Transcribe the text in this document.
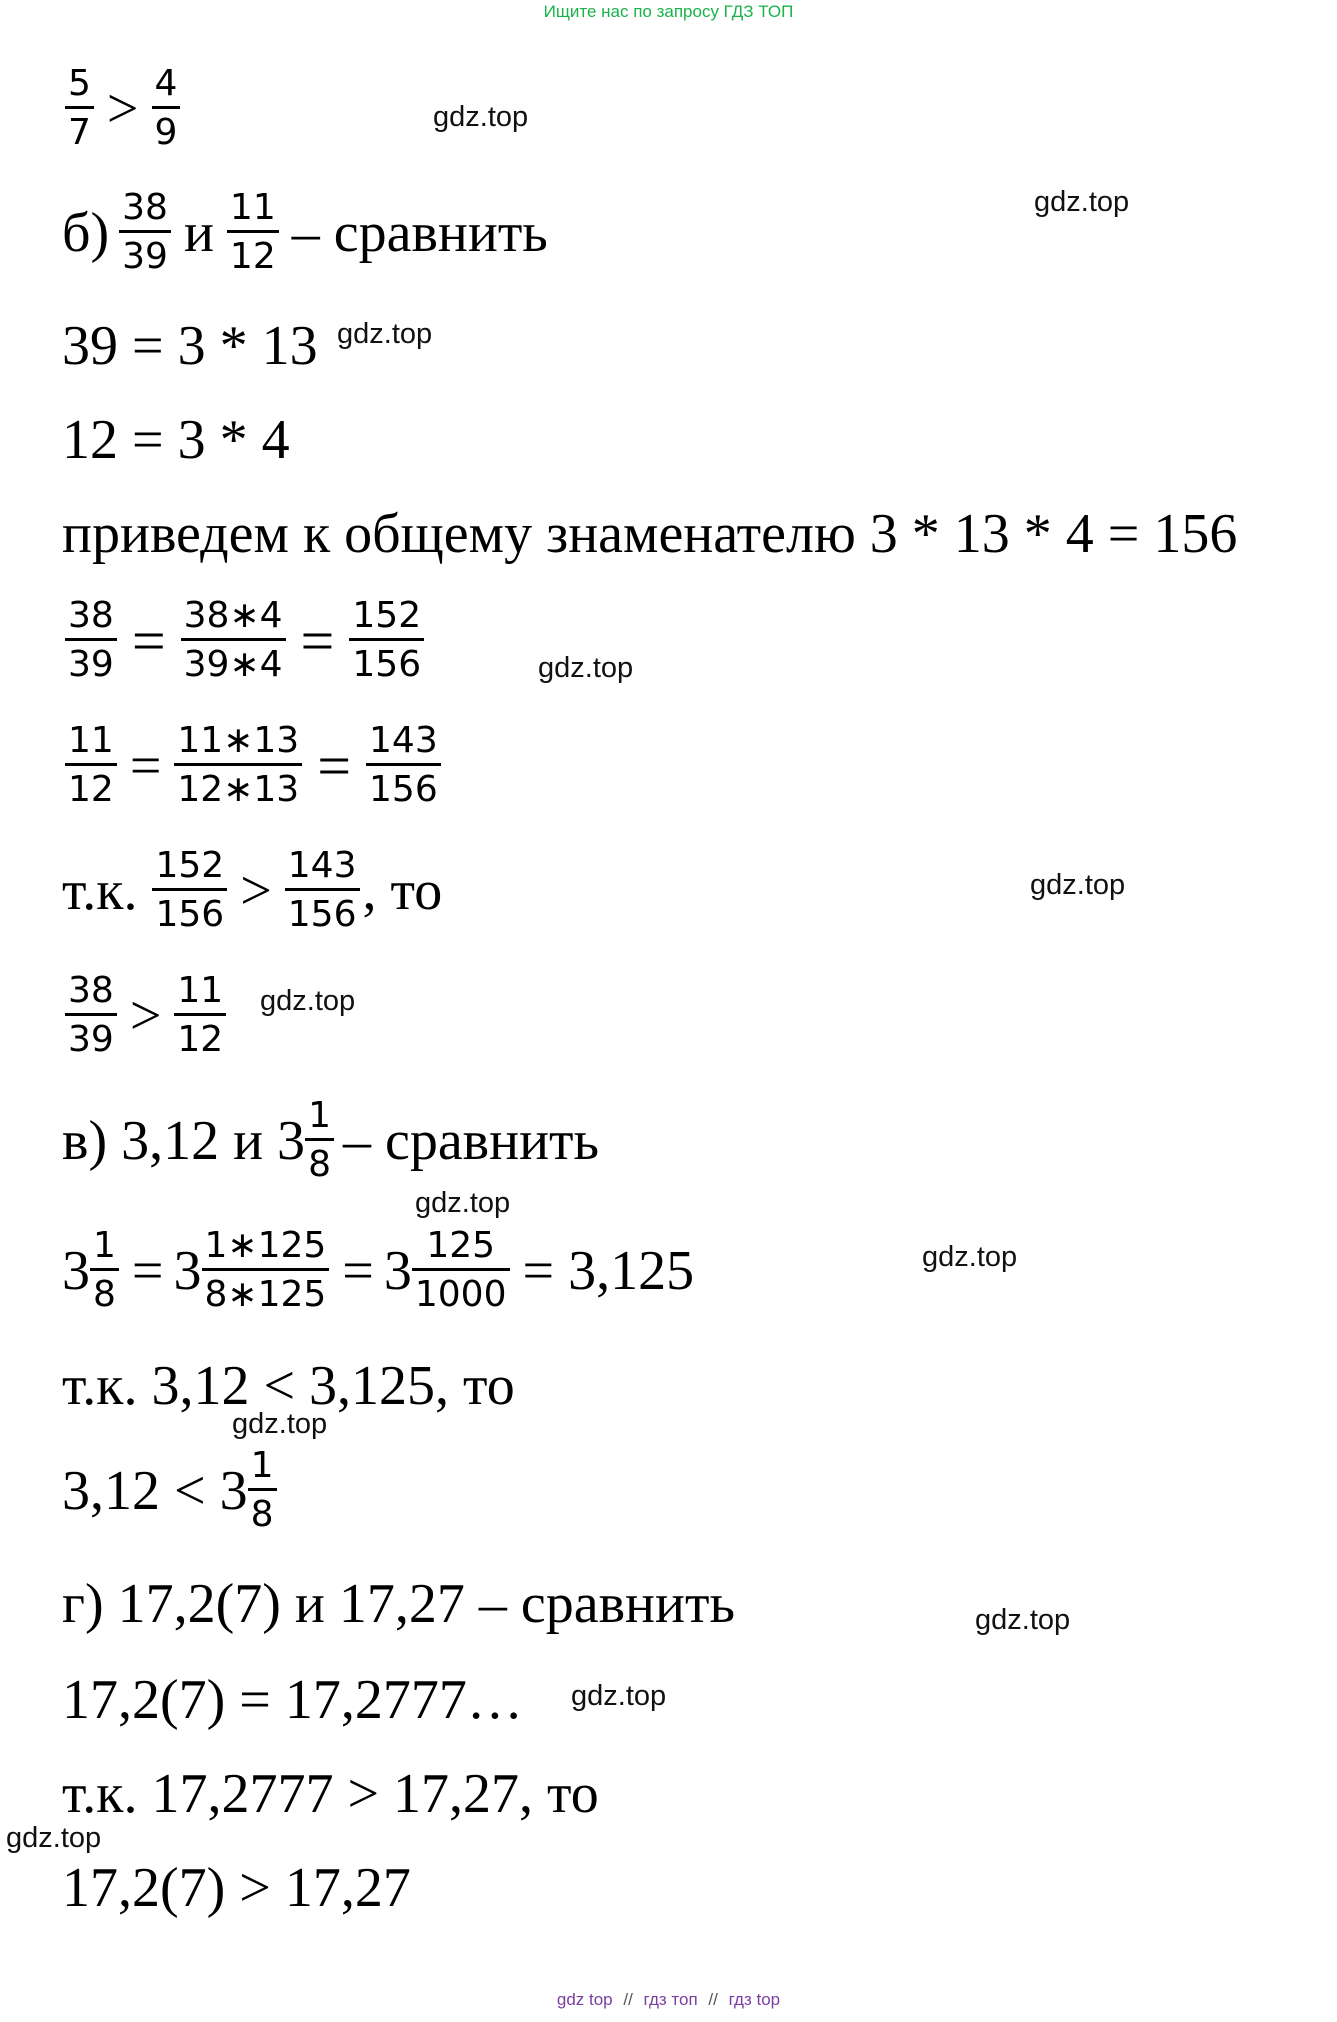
Ищите нас по запросу ГДЗ ТОП
gdz.top
gdz.top
gdz.top
gdz.top
gdz.top
gdz.top
gdz.top
gdz.top
gdz.top
gdz.top
gdz.top
gdz.top
$\frac{5}{7} > \frac{4}{9}$
$б) \frac{38}{39}$ и $\frac{11}{12}$ – сравнить
39 = 3 * 13
12 = 3 * 4
приведем к общему знаменателю 3 * 13 * 4 = 156
$\frac{38}{39} = \frac{38∗4}{39∗4} = \frac{152}{156}$
$\frac{11}{12} = \frac{11∗13}{12∗13} = \frac{143}{156}$
т.к. $\frac{152}{156} > \frac{143}{156}$ , то
$\frac{38}{39} > \frac{11}{12}$
в) 3,12 и $3 \frac{1}{8}$ – сравнить
$3 \frac{1}{8} = 3 \frac{1∗125}{8∗125} = 3 \frac{125}{1000} = 3,125$
т.к. 3,12 < 3,125, то
$3,12 < 3 \frac{1}{8}$
г) 17,2(7) и 17,27 – сравнить
17,2(7) = 17,2777…
т.к. 17,2777 > 17,27, то
17,2(7) > 17,27
gdz top // гдз топ // гдз top
